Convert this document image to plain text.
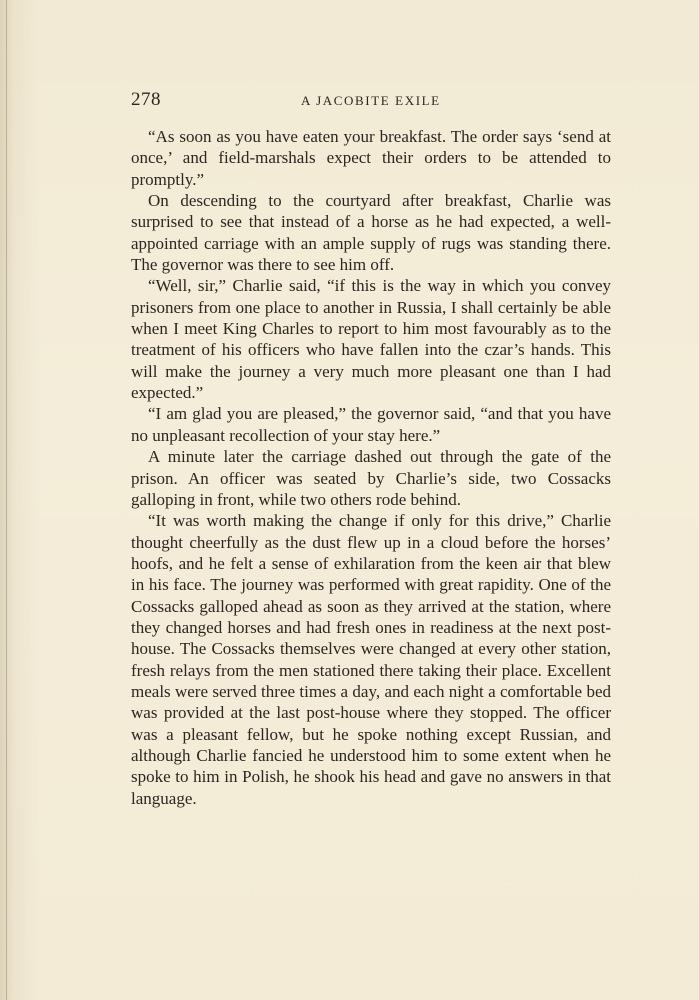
278	A JACOBITE EXILE

“As soon as you have eaten your breakfast. The order says ‘send at once,’ and field-marshals expect their orders to be attended to promptly.”

On descending to the courtyard after breakfast, Charlie was surprised to see that instead of a horse as he had expected, a well-appointed carriage with an ample supply of rugs was standing there. The governor was there to see him off.

“Well, sir,” Charlie said, “if this is the way in which you convey prisoners from one place to another in Russia, I shall certainly be able when I meet King Charles to report to him most favourably as to the treatment of his officers who have fallen into the czar’s hands. This will make the journey a very much more pleasant one than I had expected.”

“I am glad you are pleased,” the governor said, “and that you have no unpleasant recollection of your stay here.”

A minute later the carriage dashed out through the gate of the prison. An officer was seated by Charlie’s side, two Cossacks galloping in front, while two others rode behind.

“It was worth making the change if only for this drive,” Charlie thought cheerfully as the dust flew up in a cloud before the horses’ hoofs, and he felt a sense of exhilaration from the keen air that blew in his face. The journey was performed with great rapidity. One of the Cossacks galloped ahead as soon as they arrived at the station, where they changed horses and had fresh ones in readiness at the next post-house. The Cossacks themselves were changed at every other station, fresh relays from the men stationed there taking their place. Excellent meals were served three times a day, and each night a comfortable bed was provided at the last post-house where they stopped. The officer was a pleasant fellow, but he spoke nothing except Russian, and although Charlie fancied he understood him to some extent when he spoke to him in Polish, he shook his head and gave no answers in that language.
